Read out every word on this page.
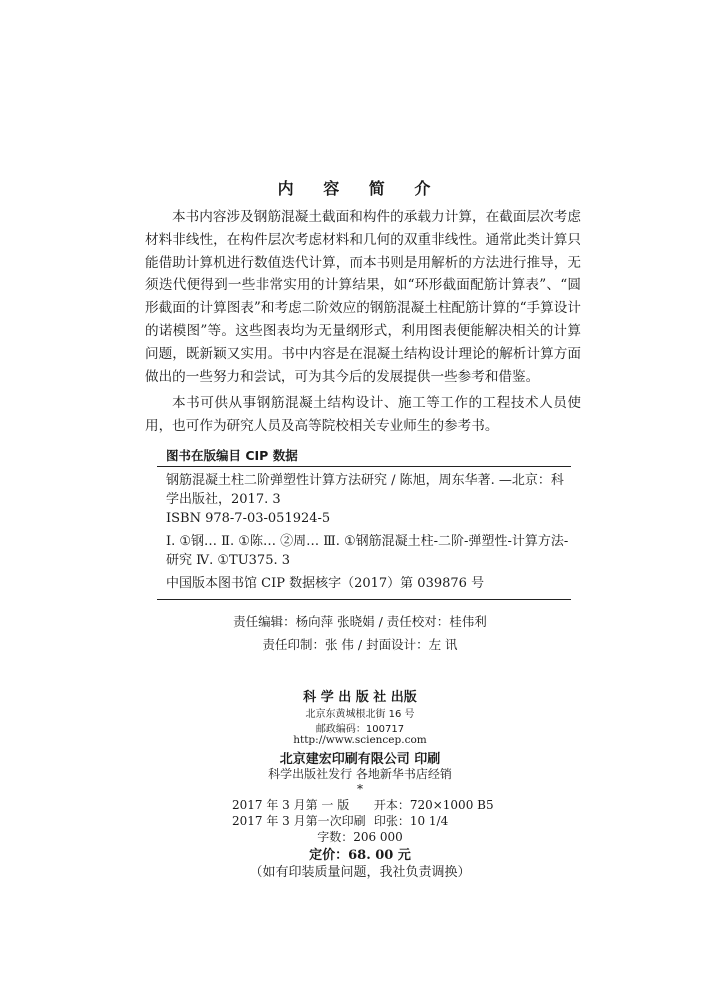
内 容 简 介

本书内容涉及钢筋混凝土截面和构件的承载力计算，在截面层次考虑材料非线性，在构件层次考虑材料和几何的双重非线性。通常此类计算只能借助计算机进行数值迭代计算，而本书则是用解析的方法进行推导，无须迭代便得到一些非常实用的计算结果，如“环形截面配筋计算表”、“圆形截面的计算图表”和考虑二阶效应的钢筋混凝土柱配筋计算的“手算设计的诺模图”等。这些图表均为无量纲形式，利用图表便能解决相关的计算问题，既新颖又实用。书中内容是在混凝土结构设计理论的解析计算方面做出的一些努力和尝试，可为其今后的发展提供一些参考和借鉴。

本书可供从事钢筋混凝土结构设计、施工等工作的工程技术人员使用，也可作为研究人员及高等院校相关专业师生的参考书。

图书在版编目 CIP 数据
钢筋混凝土柱二阶弹塑性计算方法研究 / 陈旭，周东华著. —北京：科学出版社，2017. 3
ISBN 978-7-03-051924-5
Ⅰ. ①钢… Ⅱ. ①陈… ②周… Ⅲ. ①钢筋混凝土柱-二阶-弹塑性-计算方法-研究 Ⅳ. ①TU375. 3
中国版本图书馆 CIP 数据核字（2017）第 039876 号
责任编辑：杨向萍 张晓娟 / 责任校对：桂伟利
责任印制：张 伟 / 封面设计：左 讯
科 学 出 版 社 出版
北京东黄城根北街 16 号
邮政编码：100717
http://www.sciencep.com
北京建宏印刷有限公司 印刷
科学出版社发行 各地新华书店经销
*
2017 年 3 月第 一 版 开本：720×1000 B5
2017 年 3 月第一次印刷 印张：10 1/4
字数：206 000
定价：68. 00 元
（如有印装质量问题，我社负责调换）
